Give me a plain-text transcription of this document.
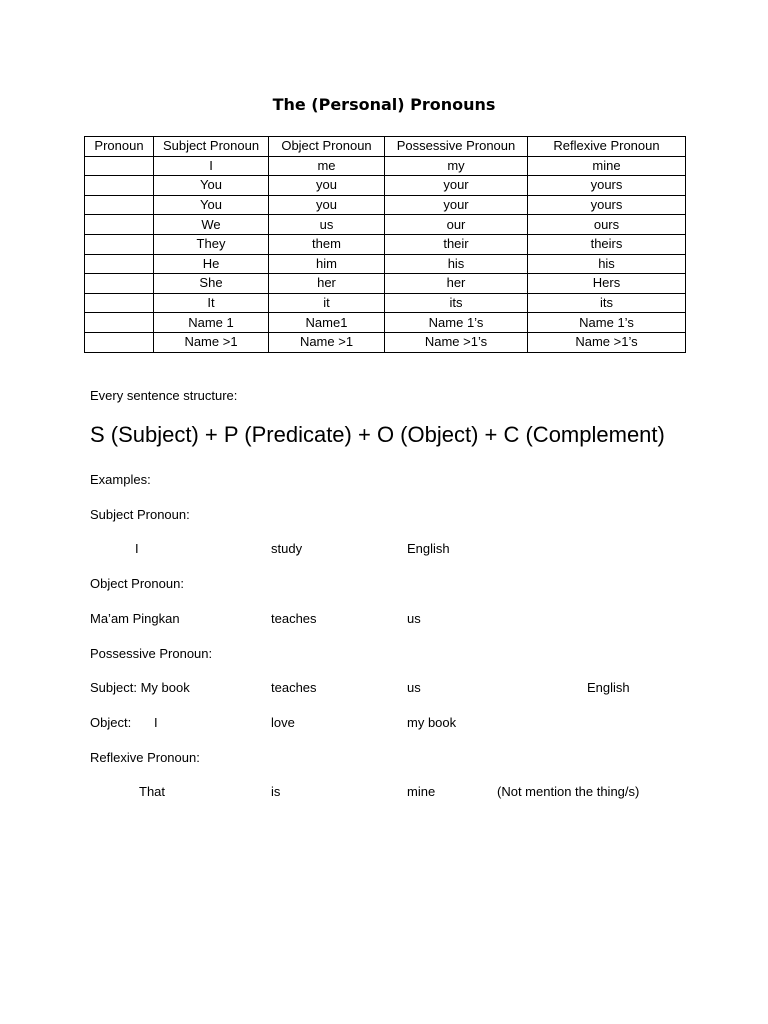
The (Personal) Pronouns
Pronoun	Subject Pronoun	Object Pronoun	Possessive Pronoun	Reflexive Pronoun
	I	me	my	mine
	You	you	your	yours
	You	you	your	yours
	We	us	our	ours
	They	them	their	theirs
	He	him	his	his
	She	her	her	Hers
	It	it	its	its
	Name 1	Name1	Name 1’s	Name 1’s
	Name >1	Name >1	Name >1’s	Name >1’s
Every sentence structure:
S (Subject) + P (Predicate) + O (Object) + C (Complement)
Examples:
Subject Pronoun:
I	study	English
Object Pronoun:
Ma’am Pingkan	teaches	us
Possessive Pronoun:
Subject: My book	teaches	us	English
Object: I	love	my book
Reflexive Pronoun:
That	is	mine	(Not mention the thing/s)
